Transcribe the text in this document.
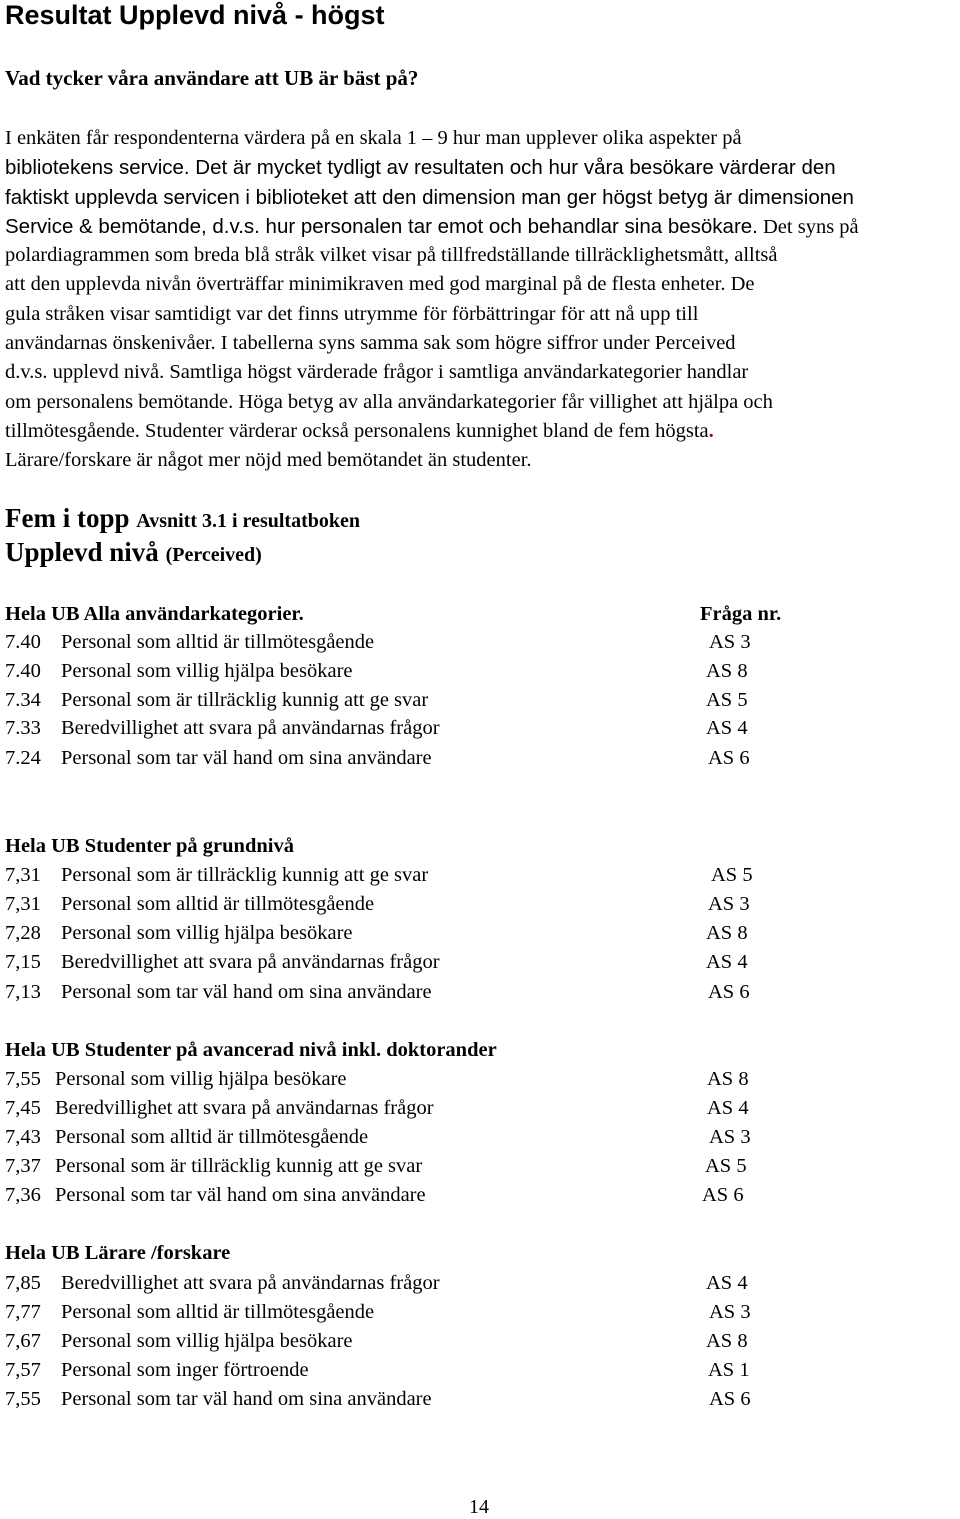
Resultat Upplevd nivå - högst
Vad tycker våra användare att UB är bäst på?
I enkäten får respondenterna värdera på en skala 1 – 9 hur man upplever olika aspekter på
bibliotekens service. Det är mycket tydligt av resultaten och hur våra besökare värderar den
faktiskt upplevda servicen i biblioteket att den dimension man ger högst betyg är dimensionen
Service & bemötande, d.v.s. hur personalen tar emot och behandlar sina besökare. Det syns på
polardiagrammen som breda blå stråk vilket visar på tillfredställande tillräcklighetsmått, alltså
att den upplevda nivån överträffar minimikraven med god marginal på de flesta enheter. De
gula stråken visar samtidigt var det finns utrymme för förbättringar för att nå upp till
användarnas önskenivåer. I tabellerna syns samma sak som högre siffror under Perceived
d.v.s. upplevd nivå. Samtliga högst värderade frågor i samtliga användarkategorier handlar
om personalens bemötande. Höga betyg av alla användarkategorier får villighet att hjälpa och
tillmötesgående. Studenter värderar också personalens kunnighet bland de fem högsta.
Lärare/forskare är något mer nöjd med bemötandet än studenter.
Fem i topp Avsnitt 3.1 i resultatboken
Upplevd nivå (Perceived)
Hela UB Alla användarkategorier.	Fråga nr.
7.40 Personal som alltid är tillmötesgående	AS 3
7.40 Personal som villig hjälpa besökare	AS 8
7.34 Personal som är tillräcklig kunnig att ge svar	AS 5
7.33 Beredvillighet att svara på användarnas frågor	AS 4
7.24 Personal som tar väl hand om sina användare	AS 6
Hela UB Studenter på grundnivå
7,31 Personal som är tillräcklig kunnig att ge svar	AS 5
7,31 Personal som alltid är tillmötesgående	AS 3
7,28 Personal som villig hjälpa besökare	AS 8
7,15 Beredvillighet att svara på användarnas frågor	AS 4
7,13 Personal som tar väl hand om sina användare	AS 6
Hela UB Studenter på avancerad nivå inkl. doktorander
7,55 Personal som villig hjälpa besökare	AS 8
7,45 Beredvillighet att svara på användarnas frågor	AS 4
7,43 Personal som alltid är tillmötesgående	AS 3
7,37 Personal som är tillräcklig kunnig att ge svar	AS 5
7,36 Personal som tar väl hand om sina användare	AS 6
Hela UB Lärare /forskare
7,85 Beredvillighet att svara på användarnas frågor	AS 4
7,77 Personal som alltid är tillmötesgående	AS 3
7,67 Personal som villig hjälpa besökare	AS 8
7,57 Personal som inger förtroende	AS 1
7,55 Personal som tar väl hand om sina användare	AS 6
14
